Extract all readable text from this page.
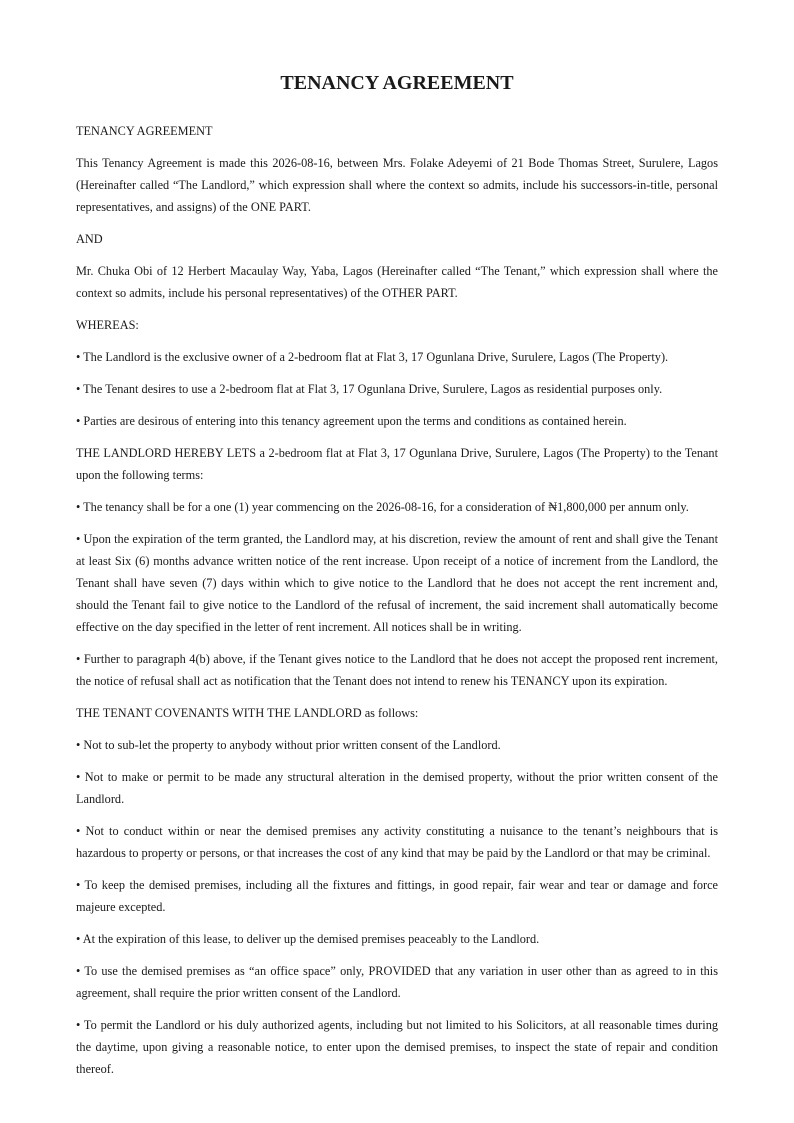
TENANCY AGREEMENT

TENANCY AGREEMENT

This Tenancy Agreement is made this 2026-08-16, between Mrs. Folake Adeyemi of 21 Bode Thomas Street, Surulere, Lagos (Hereinafter called “The Landlord,” which expression shall where the context so admits, include his successors-in-title, personal representatives, and assigns) of the ONE PART.

AND

Mr. Chuka Obi of 12 Herbert Macaulay Way, Yaba, Lagos (Hereinafter called “The Tenant,” which expression shall where the context so admits, include his personal representatives) of the OTHER PART.

WHEREAS:

• The Landlord is the exclusive owner of a 2-bedroom flat at Flat 3, 17 Ogunlana Drive, Surulere, Lagos (The Property).

• The Tenant desires to use a 2-bedroom flat at Flat 3, 17 Ogunlana Drive, Surulere, Lagos as residential purposes only.

• Parties are desirous of entering into this tenancy agreement upon the terms and conditions as contained herein.

THE LANDLORD HEREBY LETS a 2-bedroom flat at Flat 3, 17 Ogunlana Drive, Surulere, Lagos (The Property) to the Tenant upon the following terms:

• The tenancy shall be for a one (1) year commencing on the 2026-08-16, for a consideration of ₦1,800,000 per annum only.

• Upon the expiration of the term granted, the Landlord may, at his discretion, review the amount of rent and shall give the Tenant at least Six (6) months advance written notice of the rent increase. Upon receipt of a notice of increment from the Landlord, the Tenant shall have seven (7) days within which to give notice to the Landlord that he does not accept the rent increment and, should the Tenant fail to give notice to the Landlord of the refusal of increment, the said increment shall automatically become effective on the day specified in the letter of rent increment. All notices shall be in writing.

• Further to paragraph 4(b) above, if the Tenant gives notice to the Landlord that he does not accept the proposed rent increment, the notice of refusal shall act as notification that the Tenant does not intend to renew his TENANCY upon its expiration.

THE TENANT COVENANTS WITH THE LANDLORD as follows:

• Not to sub-let the property to anybody without prior written consent of the Landlord.

• Not to make or permit to be made any structural alteration in the demised property, without the prior written consent of the Landlord.

• Not to conduct within or near the demised premises any activity constituting a nuisance to the tenant’s neighbours that is hazardous to property or persons, or that increases the cost of any kind that may be paid by the Landlord or that may be criminal.

• To keep the demised premises, including all the fixtures and fittings, in good repair, fair wear and tear or damage and force majeure excepted.

• At the expiration of this lease, to deliver up the demised premises peaceably to the Landlord.

• To use the demised premises as “an office space” only, PROVIDED that any variation in user other than as agreed to in this agreement, shall require the prior written consent of the Landlord.

• To permit the Landlord or his duly authorized agents, including but not limited to his Solicitors, at all reasonable times during the daytime, upon giving a reasonable notice, to enter upon the demised premises, to inspect the state of repair and condition thereof.
